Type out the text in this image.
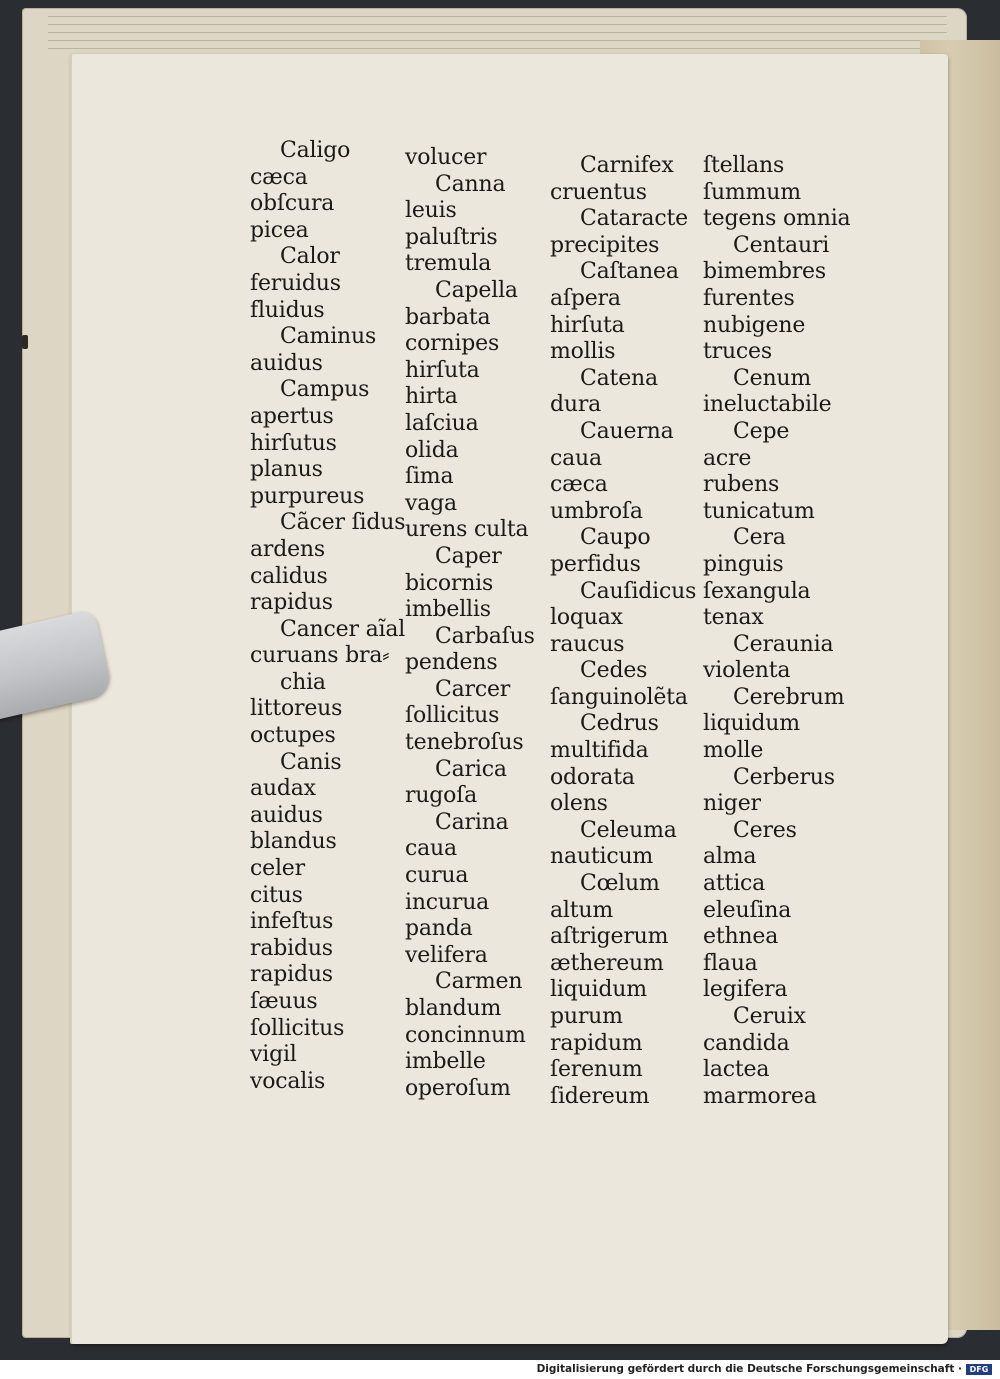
Caligo
cæca
obſcura
picea
Calor
feruidus
fluidus
Caminus
auidus
Campus
apertus
hirſutus
planus
purpureus
Cãcer ſidus
ardens
calidus
rapidus
Cancer aĩal
curuans bra⸗
chia
littoreus
octupes
Canis
audax
auidus
blandus
celer
citus
infeſtus
rabidus
rapidus
ſæuus
ſollicitus
vigil
vocalis
volucer
Canna
leuis
paluſtris
tremula
Capella
barbata
cornipes
hirſuta
hirta
laſciua
olida
ſima
vaga
urens culta
Caper
bicornis
imbellis
Carbaſus
pendens
Carcer
ſollicitus
tenebroſus
Carica
rugoſa
Carina
caua
curua
incurua
panda
velifera
Carmen
blandum
concinnum
imbelle
operoſum
Carnifex
cruentus
Cataracte
precipites
Caſtanea
aſpera
hirſuta
mollis
Catena
dura
Cauerna
caua
cæca
umbroſa
Caupo
perfidus
Cauſidicus
loquax
raucus
Cedes
ſanguinolẽta
Cedrus
multifida
odorata
olens
Celeuma
nauticum
Cœlum
altum
aſtrigerum
æthereum
liquidum
purum
rapidum
ſerenum
ſidereum
ſtellans
ſummum
tegens omnia
Centauri
bimembres
furentes
nubigene
truces
Cenum
ineluctabile
Cepe
acre
rubens
tunicatum
Cera
pinguis
ſexangula
tenax
Ceraunia
violenta
Cerebrum
liquidum
molle
Cerberus
niger
Ceres
alma
attica
eleuſina
ethnea
flaua
legifera
Ceruix
candida
lactea
marmorea
Digitalisierung gefördert durch die Deutsche Forschungsgemeinschaft · DFG
